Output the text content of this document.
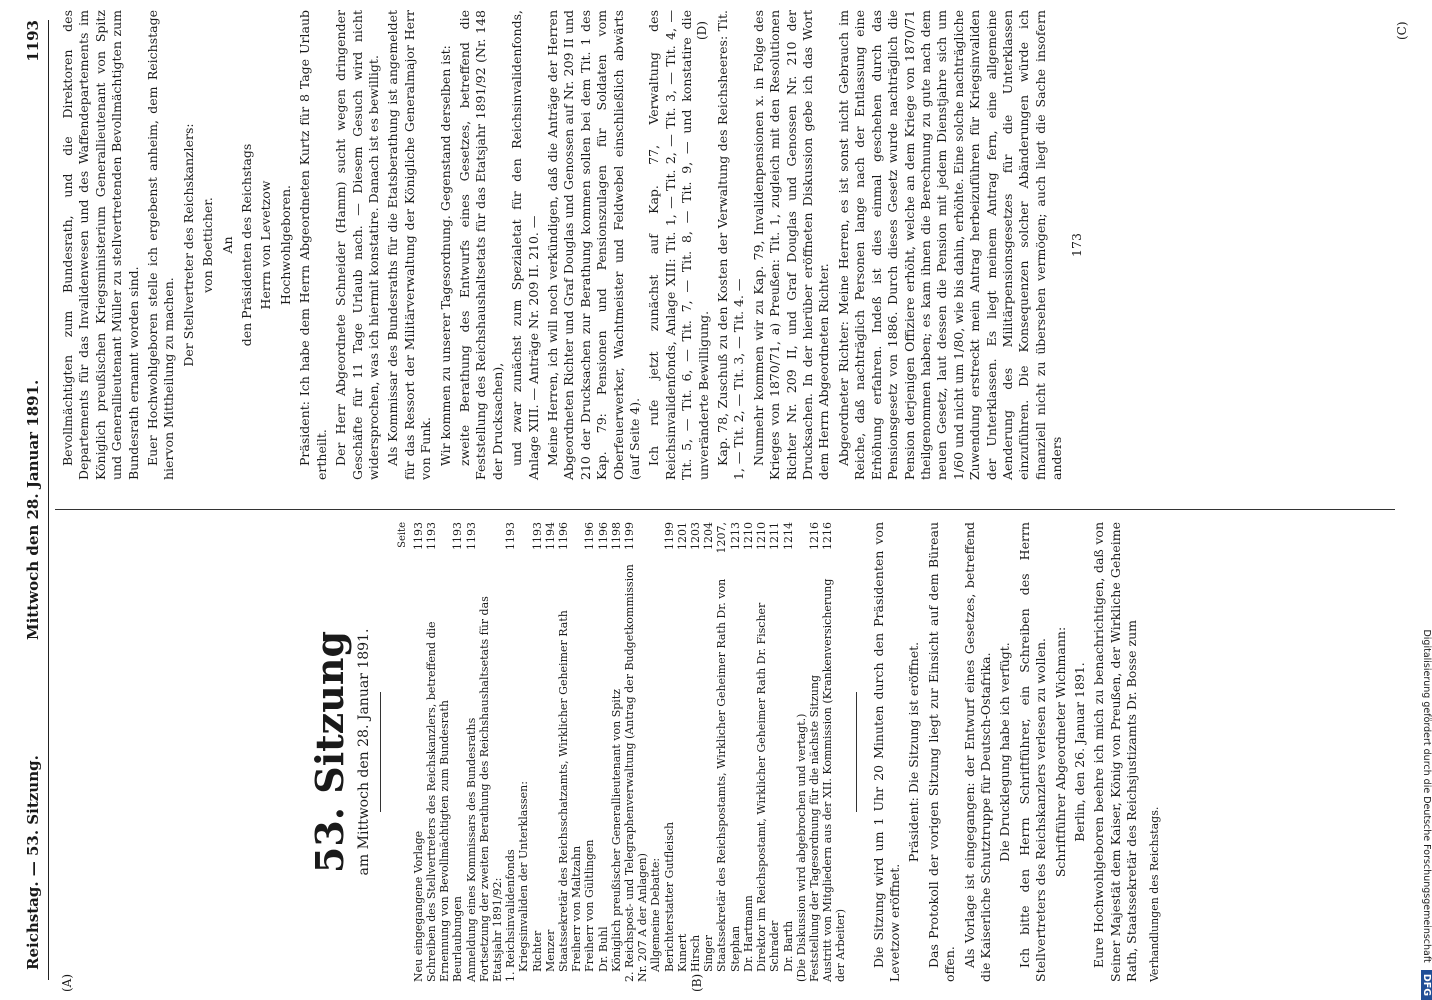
Reichstag. — 53. Sitzung.
Mittwoch den 28. Januar 1891.
1193
(A)	(B)
(C)
(D)
53. Sitzung am Mittwoch den 28. Januar 1891.
Seite
Neu eingegangene Vorlage
1193
Schreiben des Stellvertreters des Reichskanzlers, betreffend die Ernennung von Bevollmächtigten zum Bundesrath
1193
Beurlaubungen
1193
Anmeldung eines Kommissars des Bundesraths
1193
Fortsetzung der zweiten Berathung des Reichshaushaltsetats für das Etatsjahr 1891/92: 1. Reichsinvalidenfonds
1193
Kriegsinvaliden der Unterklassen: Richter
1193
Menzer
1194
Staatssekretär des Reichsschatzamts, Wirklicher Geheimer Rath Freiherr von Maltzahn
1196
Freiherr von Gültlingen
1196
Dr. Buhl
1196
Königlich preußischer Generallieutenant von Spitz
1198
2. Reichspost- und Telegraphenverwaltung (Antrag der Budgetkommission Nr. 207 A der Anlagen)
1199
Allgemeine Debatte: Berichterstatter Gutfleisch
1199
Kunert
1201
Hirsch
1203
Singer
1204
Staatssekretär des Reichspostamts, Wirklicher Geheimer Rath Dr. von Stephan
1207, 1213
Dr. Hartmann
1210
Direktor im Reichspostamt, Wirklicher Geheimer Rath Dr. Fischer
1210
Schrader
1211
Dr. Barth
1214
(Die Diskussion wird abgebrochen und vertagt.) Feststellung der Tagesordnung für die nächste Sitzung
1216
Austritt von Mitgliedern aus der XII. Kommission (Krankenversicherung der Arbeiter)
1216	Die Sitzung wird um 1 Uhr 20 Minuten durch den Präsidenten von Levetzow eröffnet.

Präsident: Die Sitzung ist eröffnet. Das Protokoll der vorigen Sitzung liegt zur Einsicht auf dem Büreau offen. Als Vorlage ist eingegangen: der Entwurf eines Gesetzes, betreffend die Kaiserliche Schutztruppe für Deutsch-Ostafrika. Die Drucklegung habe ich verfügt. Ich bitte den Herrn Schriftführer, ein Schreiben des Herrn Stellvertreters des Reichskanzlers verlesen zu wollen. Schriftführer Abgeordneter Wichmann: Berlin, den 26. Januar 1891. Eure Hochwohlgeboren beehre ich mich zu benachrichtigen, daß von Seiner Majestät dem Kaiser, König von Preußen, der Wirkliche Geheime Rath, Staatssekretär des Reichsjustizamts Dr. Bosse zum Verhandlungen des Reichstags.

Bevollmächtigten zum Bundesrath, und die Direktoren des Departements für das Invalidenwesen und des Waffendepartements im Königlich preußischen Kriegsministerium Generallieutenant von Spitz und Generallieutenant Müller zu stellvertretenden Bevollmächtigten zum Bundesrath ernannt worden sind. Euer Hochwohlgeboren stelle ich ergebenst anheim, dem Reichstage hiervon Mittheilung zu machen.

Der Stellvertreter des Reichskanzlers: von Boetticher. An den Präsidenten des Reichstags Herrn von Levetzow Hochwohlgeboren. Präsident: Ich habe dem Herrn Abgeordneten Kurtz für 8 Tage Urlaub ertheilt. Der Herr Abgeordnete Schneider (Hamm) sucht wegen dringender Geschäfte für 11 Tage Urlaub nach. — Diesem Gesuch wird nicht widersprochen, was ich hiermit konstatire. Danach ist es bewilligt. Als Kommissar des Bundesraths für die Etatsberathung ist angemeldet für das Ressort der Militärverwaltung der Königliche Generalmajor Herr von Funk. Wir kommen zu unserer Tagesordnung. Gegenstand derselben ist: zweite Berathung des Entwurfs eines Gesetzes, betreffend die Feststellung des Reichshaushaltsetats für das Etatsjahr 1891/92 (Nr. 148 der Drucksachen), und zwar zunächst zum Spezialetat für den Reichsinvalidenfonds, Anlage XIII. — Anträge Nr. 209 II. 210. — Meine Herren, ich will noch verkündigen, daß die Anträge der Herren Abgeordneten Richter und Graf Douglas und Genossen auf Nr. 209 II und 210 der Drucksachen zur Berathung kommen sollen bei dem Tit. 1 des Kap. 79: Pensionen und Pensionszulagen für Soldaten vom Oberfeuerwerker, Wachtmeister und Feldwebel einschließlich abwärts (auf Seite 4). Ich rufe jetzt zunächst auf Kap. 77, Verwaltung des Reichsinvalidenfonds, Anlage XIII: Tit. 1, — Tit. 2, — Tit. 3, — Tit. 4, — Tit. 5, — Tit. 6, — Tit. 7, — Tit. 8, — Tit. 9, — und konstatire die unveränderte Bewilligung. Kap. 78, Zuschuß zu den Kosten der Verwaltung des Reichsheeres: Tit. 1, — Tit. 2, — Tit. 3, — Tit. 4. — Nunmehr kommen wir zu Kap. 79, Invalidenpensionen x. in Folge des Krieges von 1870/71, a) Preußen: Tit. 1, zugleich mit den Resolutionen Richter Nr. 209 II, und Graf Douglas und Genossen Nr. 210 der Drucksachen. In der hierüber eröffneten Diskussion gebe ich das Wort dem Herrn Abgeordneten Richter. Abgeordneter Richter: Meine Herren, es ist sonst nicht Gebrauch im Reiche, daß nachträglich Personen lange nach der Entlassung eine Erhöhung erfahren. Indeß ist dies einmal geschehen durch das Pensionsgesetz von 1886. Durch dieses Gesetz wurde nachträglich die Pension derjenigen Offiziere erhöht, welche an dem Kriege von 1870/71 theilgenommen haben; es kam ihnen die Berechnung zu gute nach dem neuen Gesetz, laut dessen die Pension mit jedem Dienstjahre sich um 1/60 und nicht um 1/80, wie bis dahin, erhöhte. Eine solche nachträgliche Zuwendung erstreckt mein Antrag herbeizuführen für Kriegsinvaliden der Unterklassen. Es liegt meinem Antrag fern, eine allgemeine Aenderung des Militärpensionsgesetzes für die Unterklassen einzuführen. Die Konsequenzen solcher Abänderungen würde ich finanziell nicht zu übersehen vermögen; auch liegt die Sache insofern anders

173
Digitalisierung gefördert durch die Deutsche Forschungsgemeinschaft DFG
